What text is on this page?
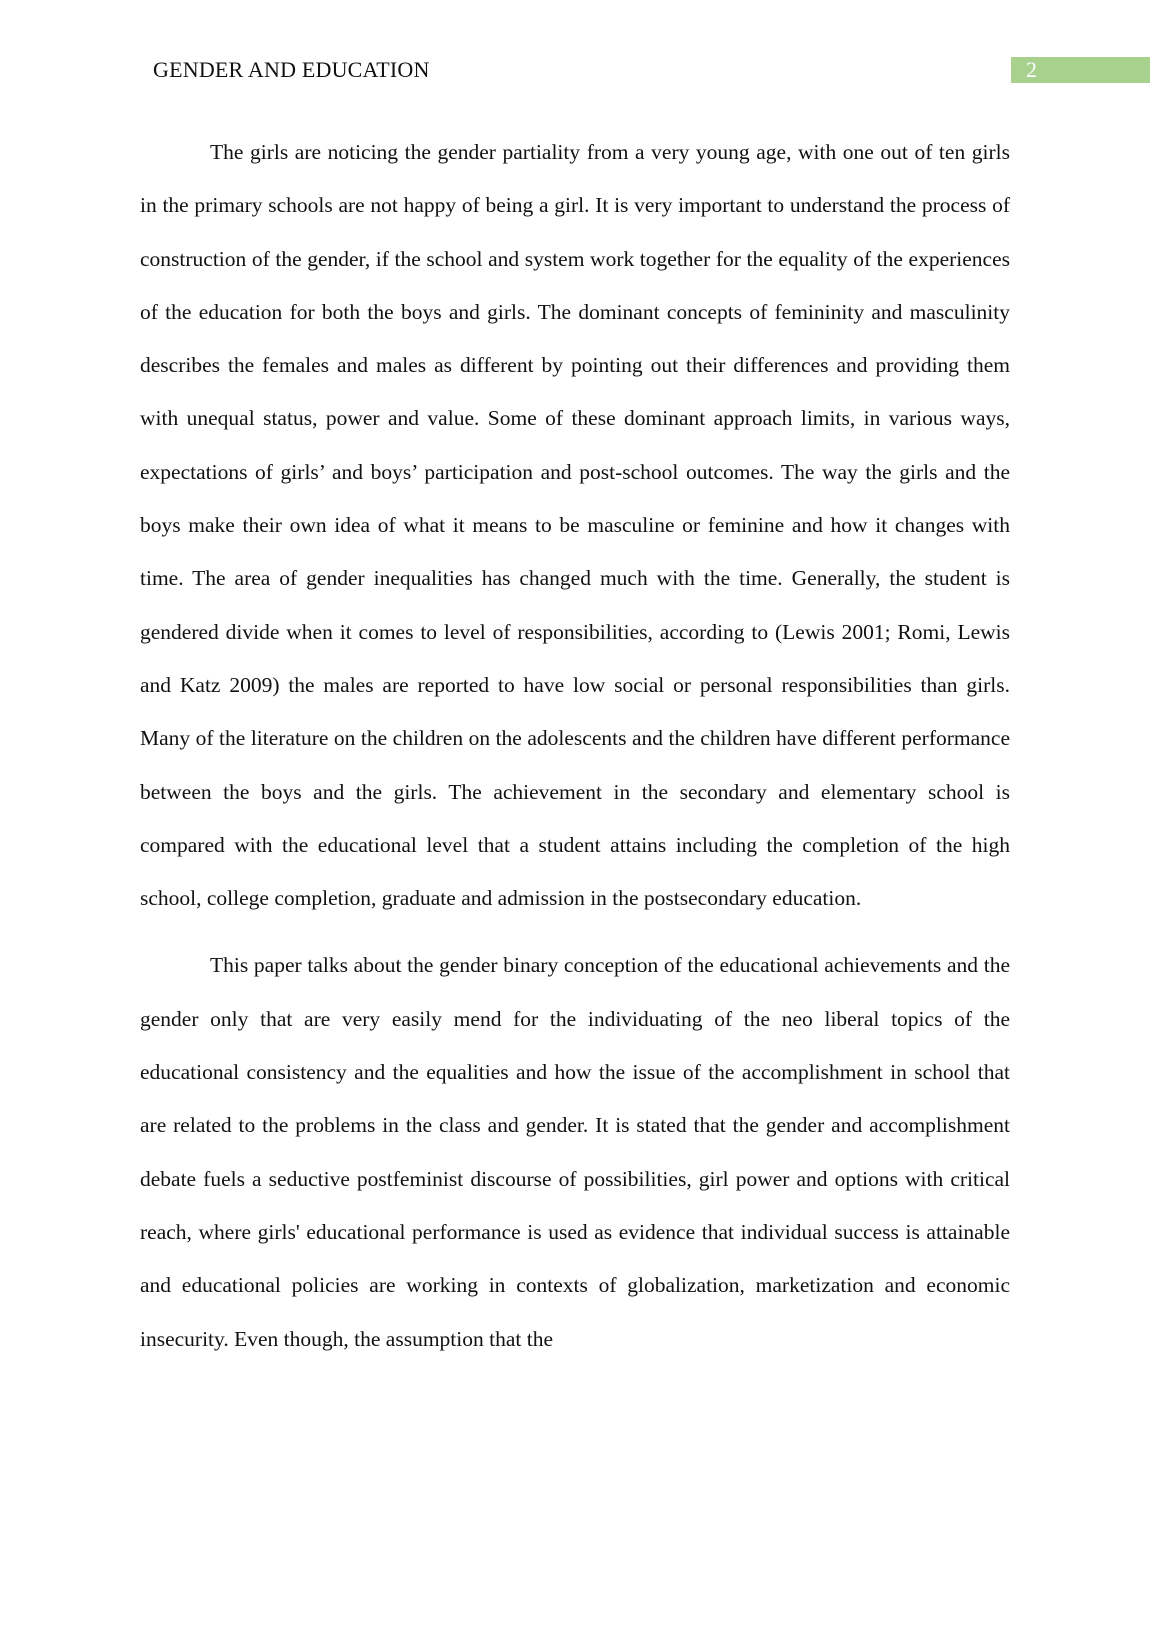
GENDER AND EDUCATION	2

The girls are noticing the gender partiality from a very young age, with one out of ten girls in the primary schools are not happy of being a girl. It is very important to understand the process of construction of the gender, if the school and system work together for the equality of the experiences of the education for both the boys and girls. The dominant concepts of femininity and masculinity describes the females and males as different by pointing out their differences and providing them with unequal status, power and value. Some of these dominant approach limits, in various ways, expectations of girls’ and boys’ participation and post-school outcomes. The way the girls and the boys make their own idea of what it means to be masculine or feminine and how it changes with time. The area of gender inequalities has changed much with the time. Generally, the student is gendered divide when it comes to level of responsibilities, according to (Lewis 2001; Romi, Lewis and Katz 2009) the males are reported to have low social or personal responsibilities than girls. Many of the literature on the children on the adolescents and the children have different performance between the boys and the girls. The achievement in the secondary and elementary school is compared with the educational level that a student attains including the completion of the high school, college completion, graduate and admission in the postsecondary education.

This paper talks about the gender binary conception of the educational achievements and the gender only that are very easily mend for the individuating of the neo liberal topics of the educational consistency and the equalities and how the issue of the accomplishment in school that are related to the problems in the class and gender. It is stated that the gender and accomplishment debate fuels a seductive postfeminist discourse of possibilities, girl power and options with critical reach, where girls' educational performance is used as evidence that individual success is attainable and educational policies are working in contexts of globalization, marketization and economic insecurity. Even though, the assumption that the
